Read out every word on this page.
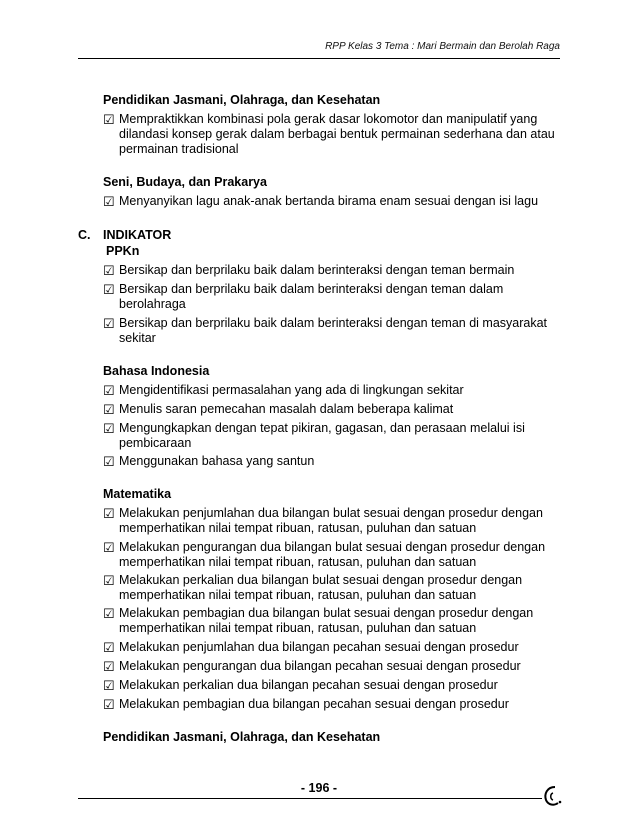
RPP Kelas 3 Tema : Mari Bermain dan Berolah Raga
Pendidikan Jasmani, Olahraga, dan Kesehatan
☑ Mempraktikkan kombinasi pola gerak dasar lokomotor dan manipulatif yang dilandasi konsep gerak dalam berbagai bentuk permainan sederhana dan atau permainan tradisional
Seni, Budaya, dan Prakarya
☑ Menyanyikan lagu anak-anak bertanda birama enam sesuai dengan isi lagu
C. INDIKATOR
PPKn
☑ Bersikap dan berprilaku baik dalam berinteraksi dengan teman bermain
☑ Bersikap dan berprilaku baik dalam berinteraksi dengan teman dalam berolahraga
☑ Bersikap dan berprilaku baik dalam berinteraksi dengan teman di masyarakat sekitar
Bahasa Indonesia
☑ Mengidentifikasi permasalahan yang ada di lingkungan sekitar
☑ Menulis saran pemecahan masalah dalam beberapa kalimat
☑ Mengungkapkan dengan tepat pikiran, gagasan, dan perasaan melalui isi pembicaraan
☑ Menggunakan bahasa yang santun
Matematika
☑ Melakukan penjumlahan dua bilangan bulat sesuai dengan prosedur dengan memperhatikan nilai tempat ribuan, ratusan, puluhan dan satuan
☑ Melakukan pengurangan dua bilangan bulat sesuai dengan prosedur dengan memperhatikan nilai tempat ribuan, ratusan, puluhan dan satuan
☑ Melakukan perkalian dua bilangan bulat sesuai dengan prosedur dengan memperhatikan nilai tempat ribuan, ratusan, puluhan dan satuan
☑ Melakukan pembagian dua bilangan bulat sesuai dengan prosedur dengan memperhatikan nilai tempat ribuan, ratusan, puluhan dan satuan
☑ Melakukan penjumlahan dua bilangan pecahan sesuai dengan prosedur
☑ Melakukan pengurangan dua bilangan pecahan sesuai dengan prosedur
☑ Melakukan perkalian dua bilangan pecahan sesuai dengan prosedur
☑ Melakukan pembagian dua bilangan pecahan sesuai dengan prosedur
Pendidikan Jasmani, Olahraga, dan Kesehatan
- 196 -
